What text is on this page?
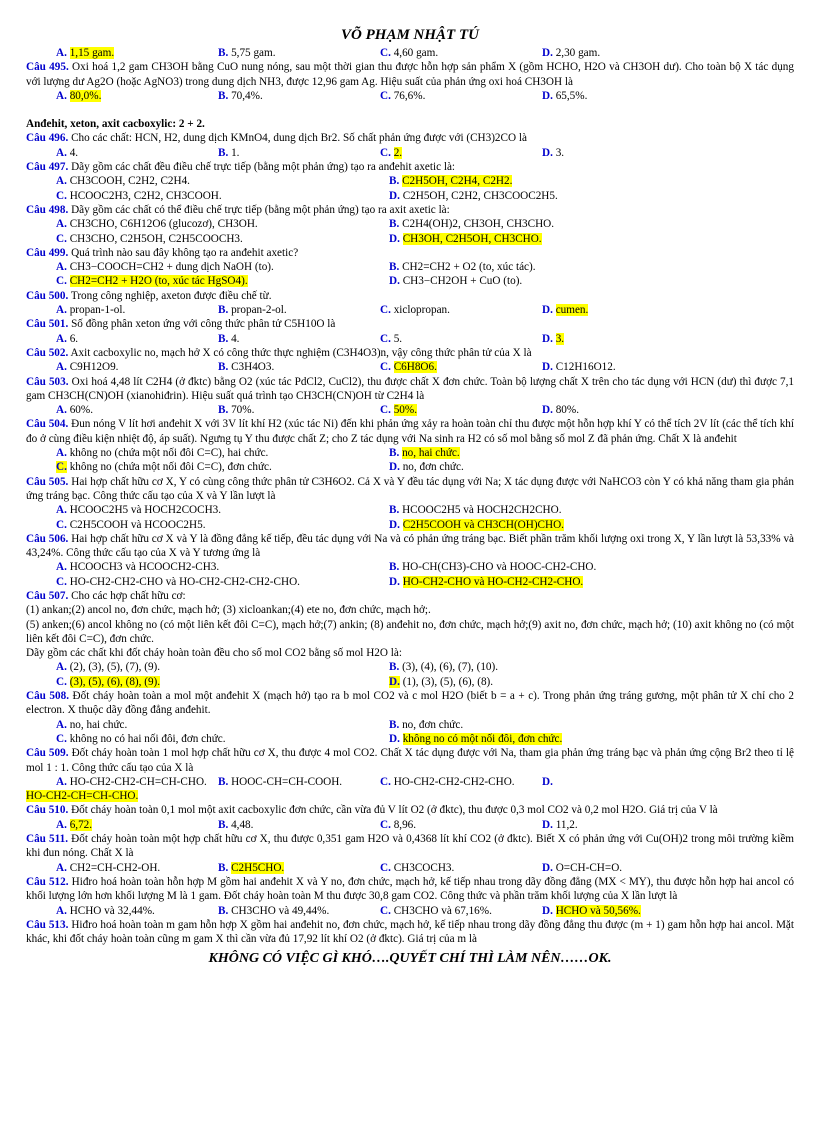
VÕ PHẠM NHẬT TÚ
A. 1,15 gam.	B. 5,75 gam.	C. 4,60 gam.	D. 2,30 gam.

Câu 495. Oxi hoá 1,2 gam CH3OH bằng CuO nung nóng, sau một thời gian thu được hỗn hợp sản phẩm X (gồm HCHO, H2O và CH3OH dư). Cho toàn bộ X tác dụng với lượng dư Ag2O (hoặc AgNO3) trong dung dịch NH3, được 12,96 gam Ag. Hiệu suất của phản ứng oxi hoá CH3OH là

A. 80,0%.	B. 70,4%.	C. 76,6%.	D. 65,5%.
Anđehit, xeton, axit cacboxylic: 2 + 2.

Câu 496. Cho các chất: HCN, H2, dung dịch KMnO4, dung dịch Br2. Số chất phản ứng được với (CH3)2CO là

A. 4.	B. 1.	C. 2.	D. 3.

Câu 497. Dãy gồm các chất đều điều chế trực tiếp (bằng một phản ứng) tạo ra anđehit axetic là:

A. CH3COOH, C2H2, C2H4.	B. C2H5OH, C2H4, C2H2.
C. HCOOC2H3, C2H2, CH3COOH.	D. C2H5OH, C2H2, CH3COOC2H5.

Câu 498. Dãy gồm các chất có thể điều chế trực tiếp (bằng một phản ứng) tạo ra axit axetic là:

A. CH3CHO, C6H12O6 (glucozơ), CH3OH.	B. C2H4(OH)2, CH3OH, CH3CHO.
C. CH3CHO, C2H5OH, C2H5COOCH3.	D. CH3OH, C2H5OH, CH3CHO.

Câu 499. Quá trình nào sau đây không tạo ra anđehit axetic?

A. CH3−COOCH=CH2 + dung dịch NaOH (to).	B. CH2=CH2 + O2 (to, xúc tác).
C. CH2=CH2 + H2O (to, xúc tác HgSO4).	D. CH3−CH2OH + CuO (to).

Câu 500. Trong công nghiệp, axeton được điều chế từ.

A. propan-1-ol.	B. propan-2-ol.	C. xiclopropan.	D. cumen.

Câu 501. Số đồng phân xeton ứng với công thức phân tử C5H10O là

A. 6.	B. 4.	C. 5.	D. 3.

Câu 502. Axit cacboxylic no, mạch hở X có công thức thực nghiệm (C3H4O3)n, vậy công thức phân tử của X là

A. C9H12O9.	B. C3H4O3.	C. C6H8O6.	D. C12H16O12.

Câu 503. Oxi hoá 4,48 lít C2H4 (ở đktc) bằng O2 (xúc tác PdCl2, CuCl2), thu được chất X đơn chức. Toàn bộ lượng chất X trên cho tác dụng với HCN (dư) thì được 7,1 gam CH3CH(CN)OH (xianohiđrin). Hiệu suất quá trình tạo CH3CH(CN)OH từ C2H4 là

A. 60%.	B. 70%.	C. 50%.	D. 80%.

Câu 504. Đun nóng V lít hơi anđehit X với 3V lít khí H2 (xúc tác Ni) đến khi phản ứng xảy ra hoàn toàn chỉ thu được một hỗn hợp khí Y có thể tích 2V lít (các thể tích khí đo ở cùng điều kiện nhiệt độ, áp suất). Ngưng tụ Y thu được chất Z; cho Z tác dụng với Na sinh ra H2 có số mol bằng số mol Z đã phản ứng. Chất X là anđehit

A. không no (chứa một nối đôi C=C), hai chức.	B. no, hai chức.
C. không no (chứa một nối đôi C=C), đơn chức.	D. no, đơn chức.

Câu 505. Hai hợp chất hữu cơ X, Y có cùng công thức phân tử C3H6O2. Cả X và Y đều tác dụng với Na; X tác dụng được với NaHCO3 còn Y có khả năng tham gia phản ứng tráng bạc. Công thức cấu tạo của X và Y lần lượt là

A. HCOOC2H5 và HOCH2COCH3.	B. HCOOC2H5 và HOCH2CH2CHO.
C. C2H5COOH và HCOOC2H5.	D. C2H5COOH và CH3CH(OH)CHO.

Câu 506. Hai hợp chất hữu cơ X và Y là đồng đẳng kế tiếp, đều tác dụng với Na và có phản ứng tráng bạc. Biết phần trăm khối lượng oxi trong X, Y lần lượt là 53,33% và 43,24%. Công thức cấu tạo của X và Y tương ứng là

A. HCOOCH3 và HCOOCH2-CH3.	B. HO-CH(CH3)-CHO và HOOC-CH2-CHO.
C. HO-CH2-CH2-CHO và HO-CH2-CH2-CH2-CHO.	D. HO-CH2-CHO và HO-CH2-CH2-CHO.

Câu 507. Cho các hợp chất hữu cơ:

(1) ankan;(2) ancol no, đơn chức, mạch hở; (3) xicloankan;(4) ete no, đơn chức, mạch hở;.

(5) anken;(6) ancol không no (có một liên kết đôi C=C), mạch hở;(7) ankin; (8) anđehit no, đơn chức, mạch hở;(9) axit no, đơn chức, mạch hở; (10) axit không no (có một liên kết đôi C=C), đơn chức.

Dãy gồm các chất khi đốt cháy hoàn toàn đều cho số mol CO2 bằng số mol H2O là:

A. (2), (3), (5), (7), (9).	B. (3), (4), (6), (7), (10).
C. (3), (5), (6), (8), (9).	D. (1), (3), (5), (6), (8).

Câu 508. Đốt cháy hoàn toàn a mol một anđehit X (mạch hở) tạo ra b mol CO2 và c mol H2O (biết b = a + c). Trong phản ứng tráng gương, một phân tử X chỉ cho 2 electron. X thuộc dãy đồng đẳng anđehit.

A. no, hai chức.	B. no, đơn chức.
C. không no có hai nối đôi, đơn chức.	D. không no có một nối đôi, đơn chức.

Câu 509. Đốt cháy hoàn toàn 1 mol hợp chất hữu cơ X, thu được 4 mol CO2. Chất X tác dụng được với Na, tham gia phản ứng tráng bạc và phản ứng cộng Br2 theo tỉ lệ mol 1 : 1. Công thức cấu tạo của X là

A. HO-CH2-CH2-CH=CH-CHO. B. HOOC-CH=CH-COOH.	C. HO-CH2-CH2-CH2-CHO.	D.
HO-CH2-CH=CH-CHO.

Câu 510. Đốt cháy hoàn toàn 0,1 mol một axit cacboxylic đơn chức, cần vừa đủ V lít O2 (ở đktc), thu được 0,3 mol CO2 và 0,2 mol H2O. Giá trị của V là

A. 6,72.	B. 4,48.	C. 8,96.	D. 11,2.

Câu 511. Đốt cháy hoàn toàn một hợp chất hữu cơ X, thu được 0,351 gam H2O và 0,4368 lít khí CO2 (ở đktc). Biết X có phản ứng với Cu(OH)2 trong môi trường kiềm khi đun nóng. Chất X là

A. CH2=CH-CH2-OH.	B. C2H5CHO.	C. CH3COCH3.	D. O=CH-CH=O.

Câu 512. Hiđro hoá hoàn toàn hỗn hợp M gồm hai anđehit X và Y no, đơn chức, mạch hở, kế tiếp nhau trong dãy đồng đẳng (MX < MY), thu được hỗn hợp hai ancol có khối lượng lớn hơn khối lượng M là 1 gam. Đốt cháy hoàn toàn M thu được 30,8 gam CO2. Công thức và phần trăm khối lượng của X lần lượt là

A. HCHO và 32,44%.	B. CH3CHO và 49,44%.	C. CH3CHO và 67,16%.	D. HCHO và 50,56%.

Câu 513. Hiđro hoá hoàn toàn m gam hỗn hợp X gồm hai anđehit no, đơn chức, mạch hở, kế tiếp nhau trong dãy đồng đẳng thu được (m + 1) gam hỗn hợp hai ancol. Mặt khác, khi đốt cháy hoàn toàn cũng m gam X thì cần vừa đủ 17,92 lít khí O2 (ở đktc). Giá trị của m là

KHÔNG CÓ VIỆC GÌ KHÓ….QUYẾT CHÍ THÌ LÀM NÊN……OK.
